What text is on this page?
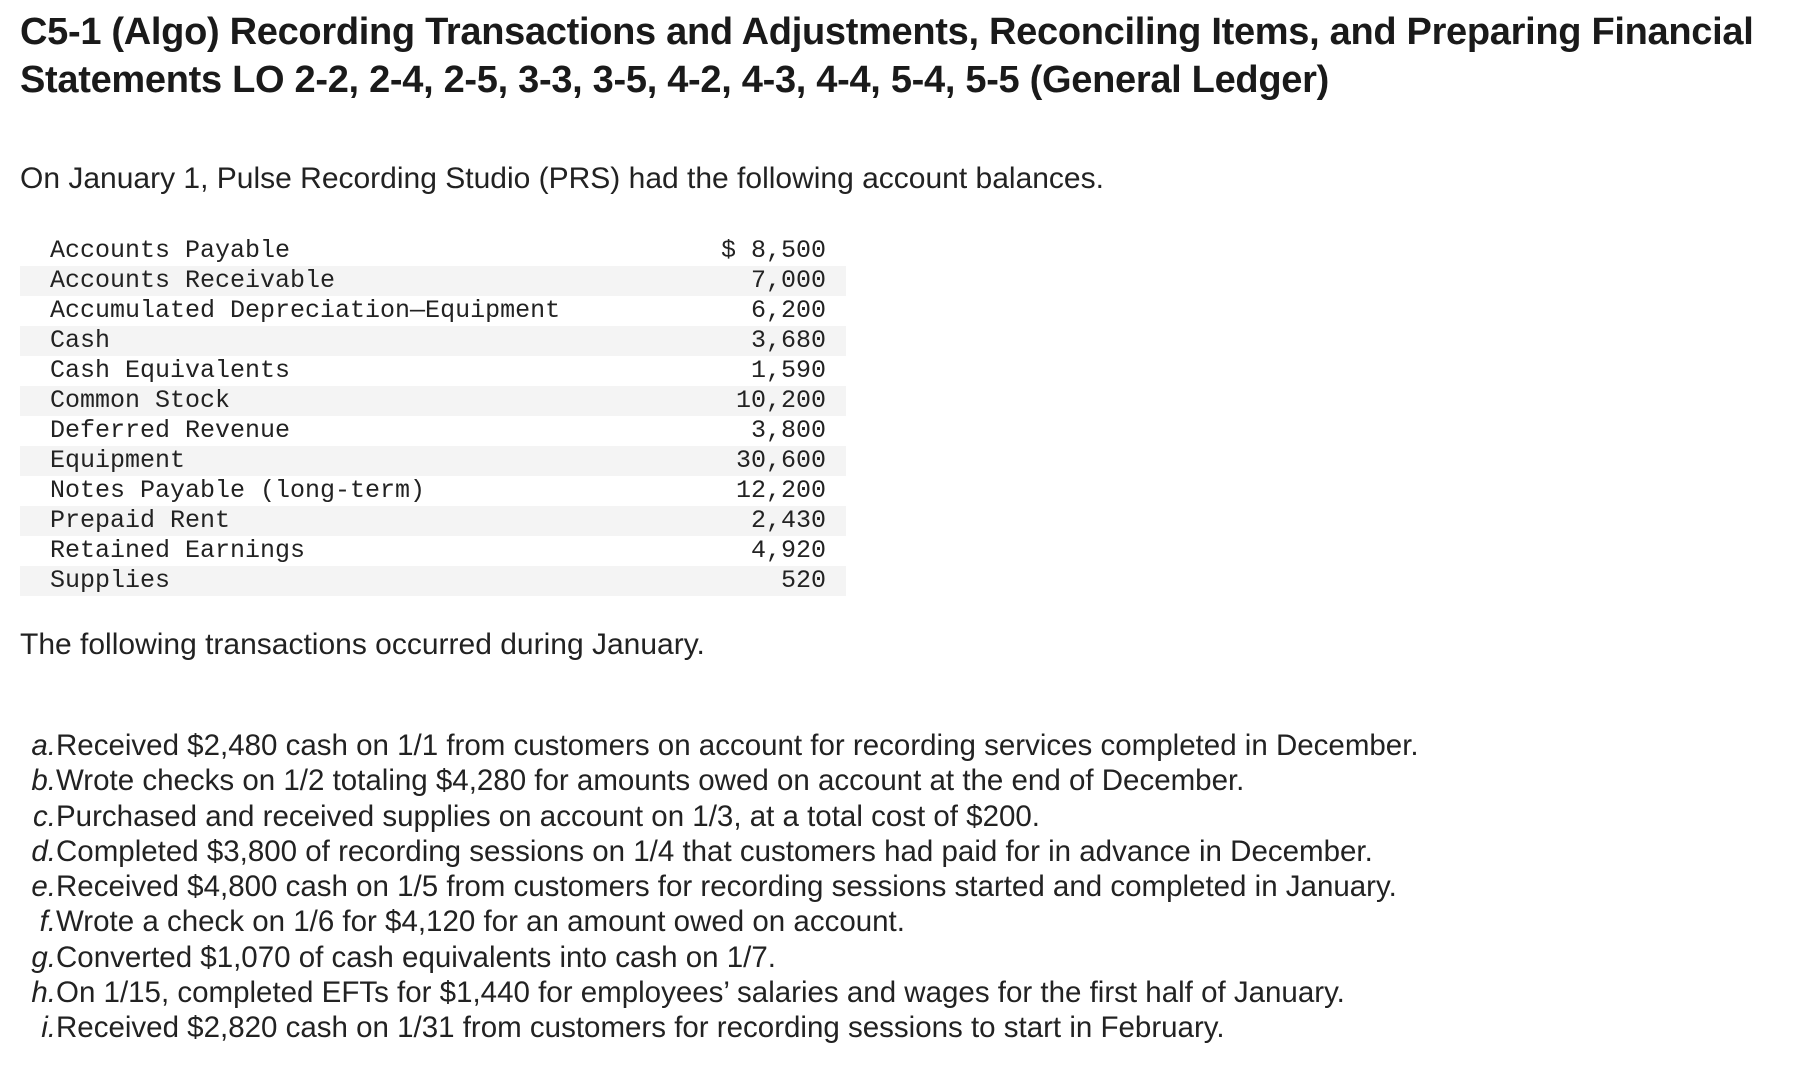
C5-1 (Algo) Recording Transactions and Adjustments, Reconciling Items, and Preparing Financial Statements LO 2-2, 2-4, 2-5, 3-3, 3-5, 4-2, 4-3, 4-4, 5-4, 5-5 (General Ledger)

On January 1, Pulse Recording Studio (PRS) had the following account balances.

Accounts Payable	$ 8,500
Accounts Receivable	7,000
Accumulated Depreciation—Equipment	6,200
Cash	3,680
Cash Equivalents	1,590
Common Stock	10,200
Deferred Revenue	3,800
Equipment	30,600
Notes Payable (long-term)	12,200
Prepaid Rent	2,430
Retained Earnings	4,920
Supplies	520

The following transactions occurred during January.

a. Received $2,480 cash on 1/1 from customers on account for recording services completed in December.
b. Wrote checks on 1/2 totaling $4,280 for amounts owed on account at the end of December.
c. Purchased and received supplies on account on 1/3, at a total cost of $200.
d. Completed $3,800 of recording sessions on 1/4 that customers had paid for in advance in December.
e. Received $4,800 cash on 1/5 from customers for recording sessions started and completed in January.
f. Wrote a check on 1/6 for $4,120 for an amount owed on account.
g. Converted $1,070 of cash equivalents into cash on 1/7.
h. On 1/15, completed EFTs for $1,440 for employees’ salaries and wages for the first half of January.
i. Received $2,820 cash on 1/31 from customers for recording sessions to start in February.
